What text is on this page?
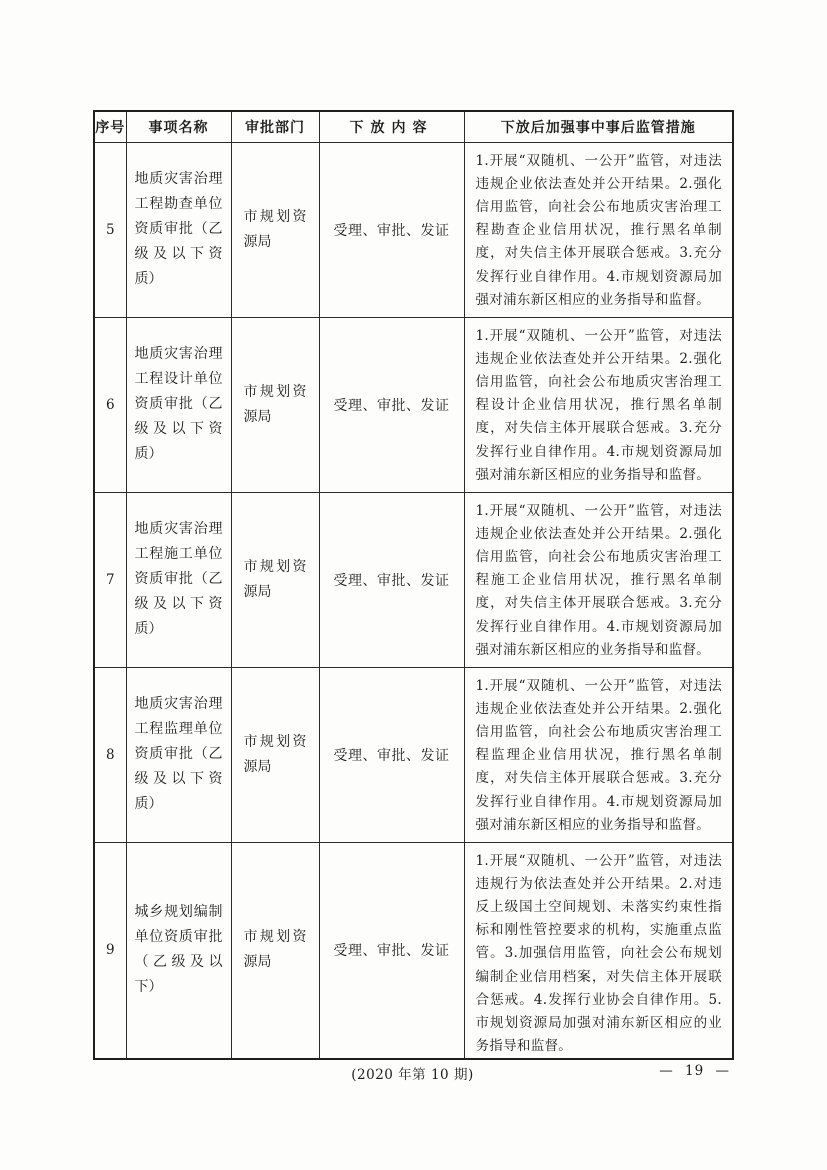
序号	事项名称	审批部门	下放内容	下放后加强事中事后监管措施
5	地质灾害治理工程勘查单位资质审批（乙级及以下资质）	市规划资源局	受理、审批、发证	1.开展“双随机、一公开”监管，对违法违规企业依法查处并公开结果。2.强化信用监管，向社会公布地质灾害治理工程勘查企业信用状况，推行黑名单制度，对失信主体开展联合惩戒。3.充分发挥行业自律作用。4.市规划资源局加强对浦东新区相应的业务指导和监督。
6	地质灾害治理工程设计单位资质审批（乙级及以下资质）	市规划资源局	受理、审批、发证	1.开展“双随机、一公开”监管，对违法违规企业依法查处并公开结果。2.强化信用监管，向社会公布地质灾害治理工程设计企业信用状况，推行黑名单制度，对失信主体开展联合惩戒。3.充分发挥行业自律作用。4.市规划资源局加强对浦东新区相应的业务指导和监督。
7	地质灾害治理工程施工单位资质审批（乙级及以下资质）	市规划资源局	受理、审批、发证	1.开展“双随机、一公开”监管，对违法违规企业依法查处并公开结果。2.强化信用监管，向社会公布地质灾害治理工程施工企业信用状况，推行黑名单制度，对失信主体开展联合惩戒。3.充分发挥行业自律作用。4.市规划资源局加强对浦东新区相应的业务指导和监督。
8	地质灾害治理工程监理单位资质审批（乙级及以下资质）	市规划资源局	受理、审批、发证	1.开展“双随机、一公开”监管，对违法违规企业依法查处并公开结果。2.强化信用监管，向社会公布地质灾害治理工程监理企业信用状况，推行黑名单制度，对失信主体开展联合惩戒。3.充分发挥行业自律作用。4.市规划资源局加强对浦东新区相应的业务指导和监督。
9	城乡规划编制单位资质审批（乙级及以下）	市规划资源局	受理、审批、发证	1.开展“双随机、一公开”监管，对违法违规行为依法查处并公开结果。2.对违反上级国土空间规划、未落实约束性指标和刚性管控要求的机构，实施重点监管。3.加强信用监管，向社会公布规划编制企业信用档案，对失信主体开展联合惩戒。4.发挥行业协会自律作用。5.市规划资源局加强对浦东新区相应的业务指导和监督。
(2020 年第 10 期)	— 19 —
